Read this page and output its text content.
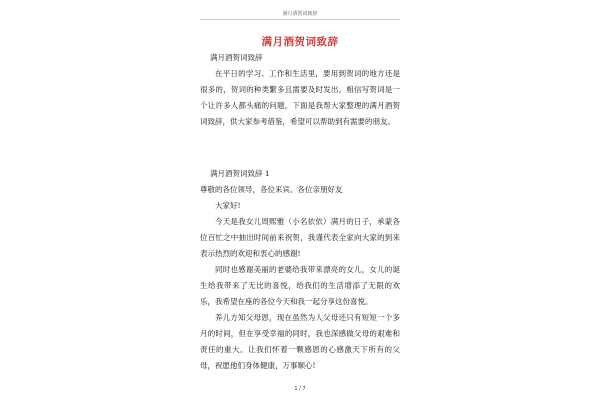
满月酒贺词致辞
满月酒贺词致辞

满月酒贺词致辞

在平日的学习、工作和生活里，要用到贺词的地方还是很多的，贺词的种类繁多且需要及时发出。相信写贺词是一个让许多人都头痛的问题，下面是我帮大家整理的满月酒贺词致辞，供大家参考借鉴，希望可以帮助到有需要的朋友。

满月酒贺词致辞 1

尊敬的各位领导，各位来宾、各位亲朋好友

大家好!

今天是我女儿周熙雅（小名依依）满月的日子，承蒙各位百忙之中抽出时间前来祝贺，我谨代表全家向大家的到来表示热烈的欢迎和衷心的感谢!

同时也感谢美丽的老婆给我带来漂亮的女儿，女儿的诞生给我带来了无比的喜悦，给我们的生活增添了无限的欢乐，我希望在座的各位今天和我一起分享这份喜悦。

养儿方知父母恩，现在虽然为人父母还只有短短一个多月的时间，但在享受幸福的同时，我也深感做父母的艰难和责任的重大。让我们怀着一颗感恩的心感激天下所有的父母，祝愿他们身体健康，万事顺心!

1 / 7
